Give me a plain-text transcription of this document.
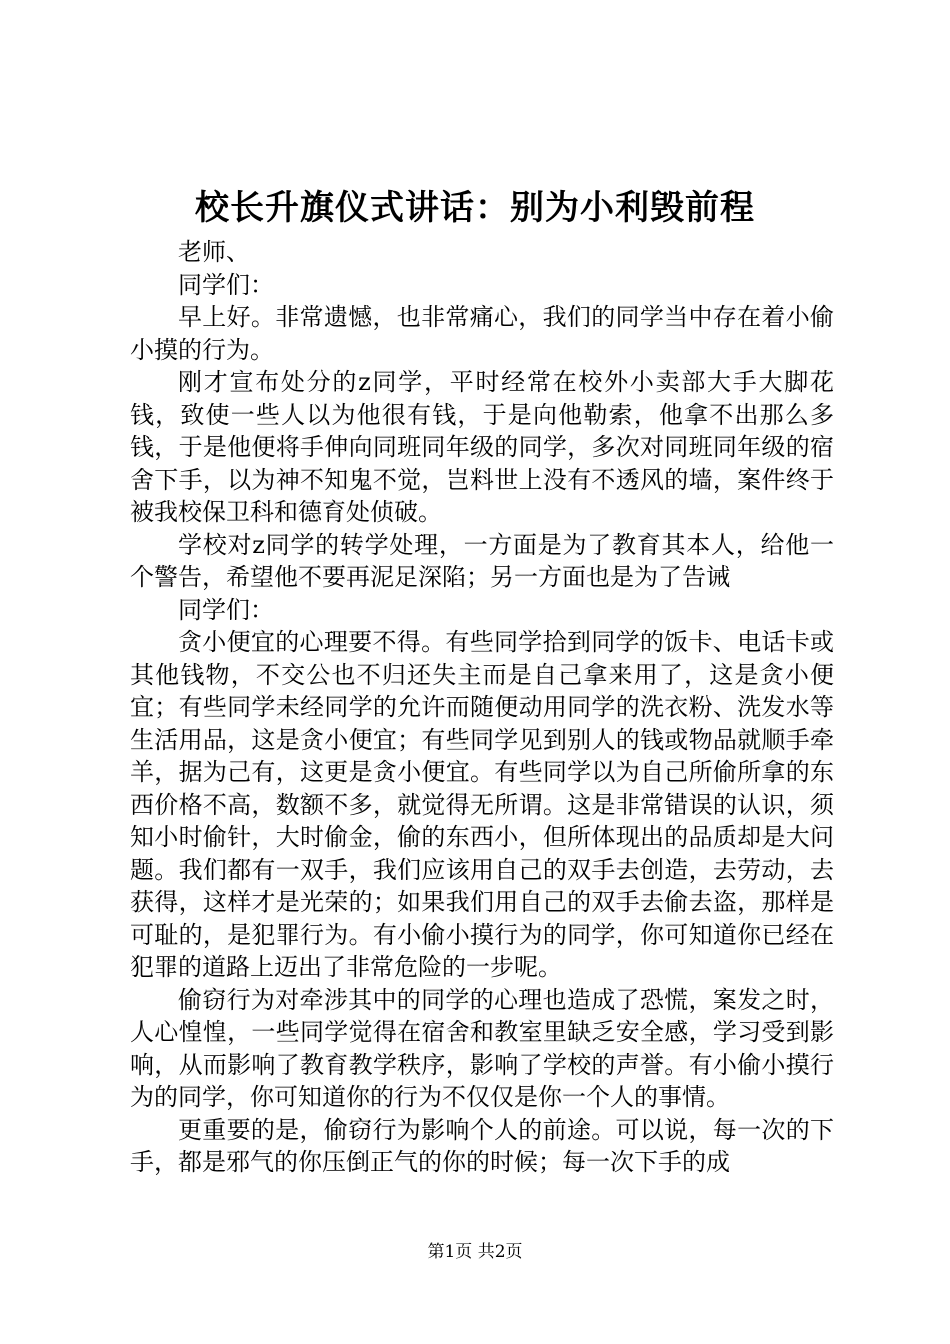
校长升旗仪式讲话：别为小利毁前程

老师、

同学们：

早上好。非常遗憾，也非常痛心，我们的同学当中存在着小偷小摸的行为。

刚才宣布处分的z同学，平时经常在校外小卖部大手大脚花钱，致使一些人以为他很有钱，于是向他勒索，他拿不出那么多钱，于是他便将手伸向同班同年级的同学，多次对同班同年级的宿舍下手，以为神不知鬼不觉，岂料世上没有不透风的墙，案件终于被我校保卫科和德育处侦破。

学校对z同学的转学处理，一方面是为了教育其本人，给他一个警告，希望他不要再泥足深陷；另一方面也是为了告诫

同学们：

贪小便宜的心理要不得。有些同学拾到同学的饭卡、电话卡或其他钱物，不交公也不归还失主而是自己拿来用了，这是贪小便宜；有些同学未经同学的允许而随便动用同学的洗衣粉、洗发水等生活用品，这是贪小便宜；有些同学见到别人的钱或物品就顺手牵羊，据为己有，这更是贪小便宜。有些同学以为自己所偷所拿的东西价格不高，数额不多，就觉得无所谓。这是非常错误的认识，须知小时偷针，大时偷金，偷的东西小，但所体现出的品质却是大问题。我们都有一双手，我们应该用自己的双手去创造，去劳动，去获得，这样才是光荣的；如果我们用自己的双手去偷去盗，那样是可耻的，是犯罪行为。有小偷小摸行为的同学，你可知道你已经在犯罪的道路上迈出了非常危险的一步呢。

偷窃行为对牵涉其中的同学的心理也造成了恐慌，案发之时，人心惶惶，一些同学觉得在宿舍和教室里缺乏安全感，学习受到影响，从而影响了教育教学秩序，影响了学校的声誉。有小偷小摸行为的同学，你可知道你的行为不仅仅是你一个人的事情。

更重要的是，偷窃行为影响个人的前途。可以说，每一次的下手，都是邪气的你压倒正气的你的时候；每一次下手的成

第1页 共2页
